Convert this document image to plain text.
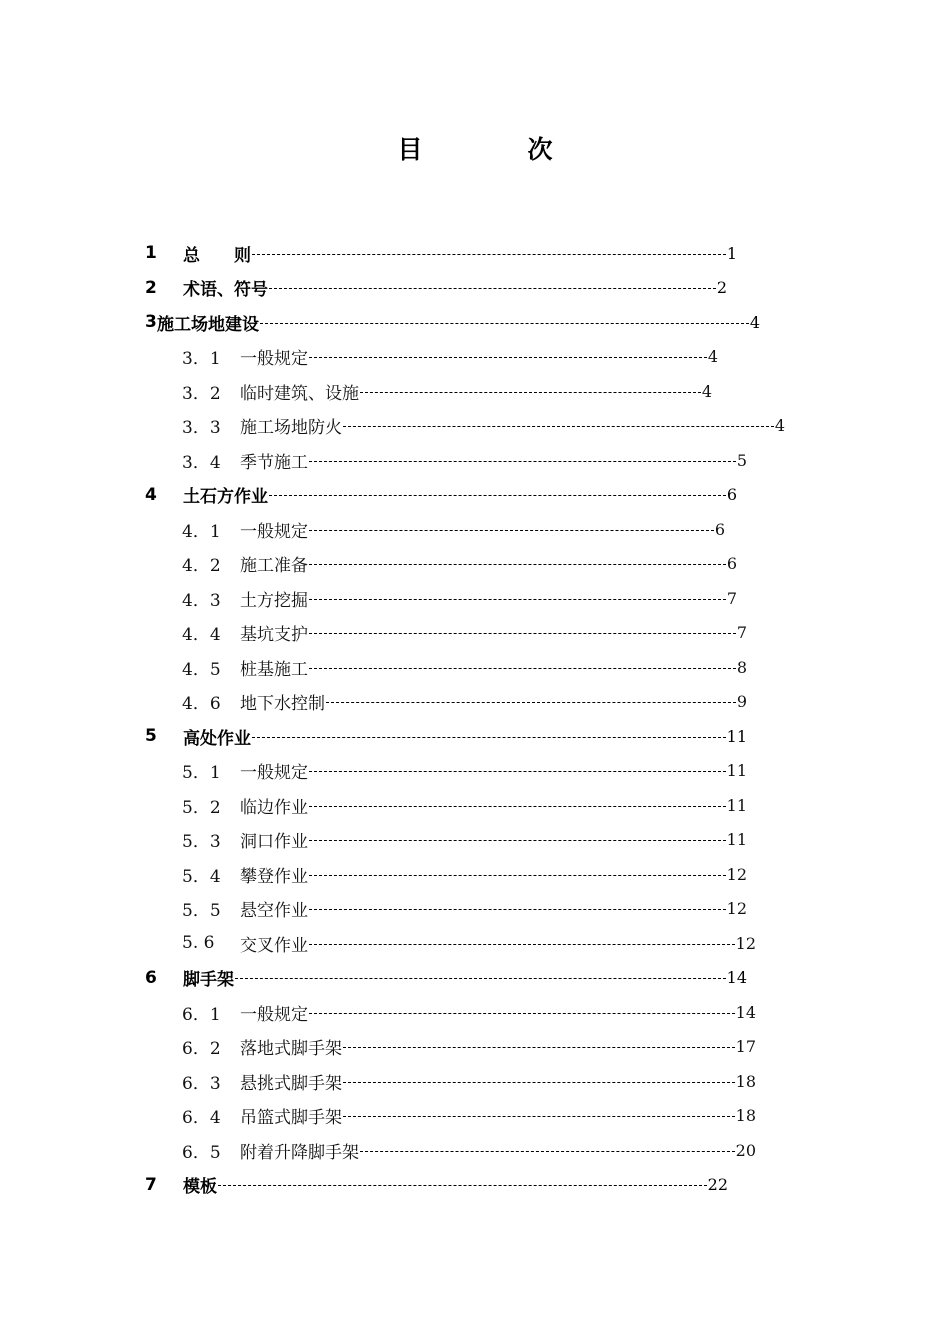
目　次
1	总　　则	1
2	术语、符号	2
3 施工场地建设	4
3．1	一般规定	4
3．2	临时建筑、设施	4
3．3	施工场地防火	4
3．4	季节施工	5
4	土石方作业	6
4．1	一般规定	6
4．2	施工准备	6
4．3	土方挖掘	7
4．4	基坑支护	7
4．5	桩基施工	8
4．6	地下水控制	9
5	高处作业	11
5．1	一般规定	11
5．2	临边作业	11
5．3	洞口作业	11
5．4	攀登作业	12
5．5	悬空作业	12
5. 6	交叉作业	12
6	脚手架	14
6．1	一般规定	14
6．2	落地式脚手架	17
6．3	悬挑式脚手架	18
6．4	吊篮式脚手架	18
6．5	附着升降脚手架	20
7	模板	22
